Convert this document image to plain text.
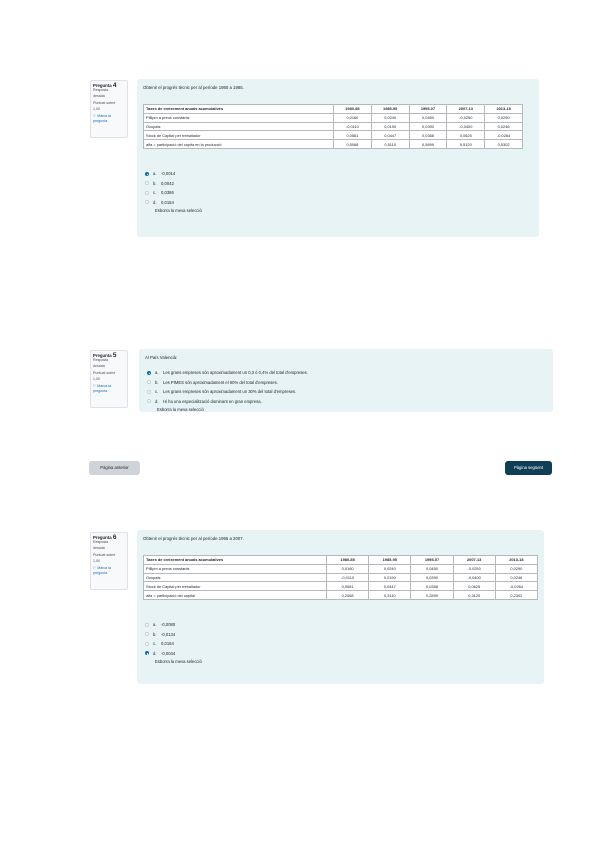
Pregunta 4
Resposta
desada
Puntuat sobre
1,00
⚐ Marca la
pregunta
Obtenir el progrés tècnic per al període 1980 a 1985.
Taxes de creixement anuals acumulatives	1980-85	1985-95	1995-07	2007-13	2013-18
PIBpm a preus constants	0,0160	0,0240	0,0450	-0,0250	0,0290
Ocupats	-0,0110	0,0190	0,0390	-0,0400	0,0246
Stock de Capital per treballador	0,0581	0,0447	0,0358	0,0625	-0,0264
alfa = participació del capita en la producció	0,5068	0,5110	0,5899	0,5120	0,5302
a.	-0,0014
b.	0,0042
c.	0,0386
d.	0,0154
Esborra la meva selecció
Pregunta 5
Resposta
desada
Puntuat sobre
1,00
⚐ Marca la
pregunta
Al País Valencià:
a.	Les grans empreses són aproximadament un 0,3 ó 0,4% del total d'empreses.
b.	Les PIMES són aproximadament el 60% del total d'empreses.
c.	Les grans empreses són aproximadament un 30% del total d'empreses.
d.	Hi ha una especialització dominant en gran empresa.
Esborra la meva selecció
Pàgina anterior	Pàgina següent
Pregunta 6
Resposta
desada
Puntuat sobre
1,00
⚐ Marca la
pregunta
Obtenir el progrés tècnic per al període 1995 a 2007.
Taxes de creixement anuals acumulatives	1980-85	1985-95	1995-07	2007-13	2013-18
PIBpm a preus constants	0,0160	0,0240	0,0450	-0,0250	0,0290
Ocupats	-0,0110	0,0190	0,0390	-0,0400	0,0246
Stock de Capital per treballador	0,0581	0,0447	0,0358	0,0625	-0,0264
alfa = participació del capital	0,2068	0,3110	0,2899	0,3120	0,2302
a.	-0,0080
b.	-0,0134
c.	0,0164
d.	-0,0044
Esborra la meva selecció
